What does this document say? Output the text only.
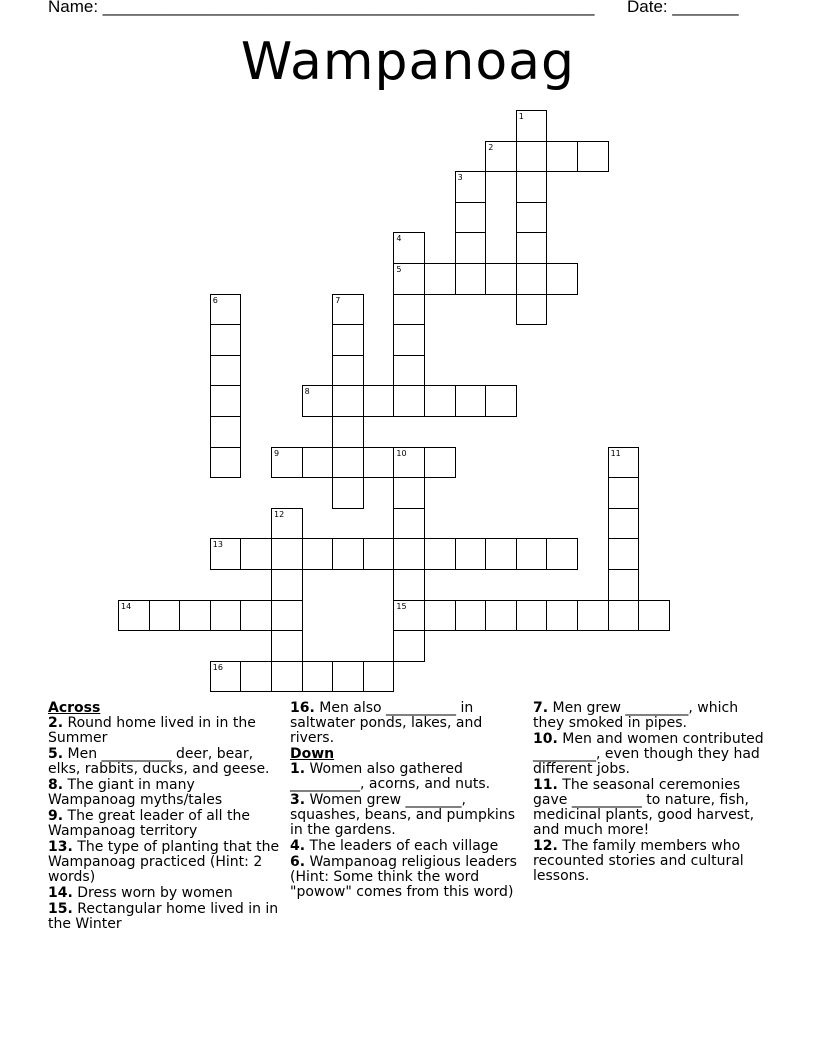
Name: ____________________________________________________ Date: _______
Wampanoag
1
2
3
4
5
6	7
8
9	10
15
11
12
13
14
16

Across

2. Round home lived in in the Summer

5. Men __________ deer, bear, elks, rabbits, ducks, and geese.

8. The giant in many Wampanoag myths/tales

9. The great leader of all the Wampanoag territory

13. The type of planting that the Wampanoag practiced (Hint: 2 words)

14. Dress worn by women

15. Rectangular home lived in in the Winter

16. Men also __________ in saltwater ponds, lakes, and rivers.

Down

1. Women also gathered __________, acorns, and nuts.

3. Women grew ________, squashes, beans, and pumpkins in the gardens.

4. The leaders of each village

6. Wampanoag religious leaders (Hint: Some think the word "powow" comes from this word)

7. Men grew _________, which they smoked in pipes.

10. Men and women contributed _________, even though they had different jobs.

11. The seasonal ceremonies gave __________ to nature, fish, medicinal plants, good harvest, and much more!

12. The family members who recounted stories and cultural lessons.
